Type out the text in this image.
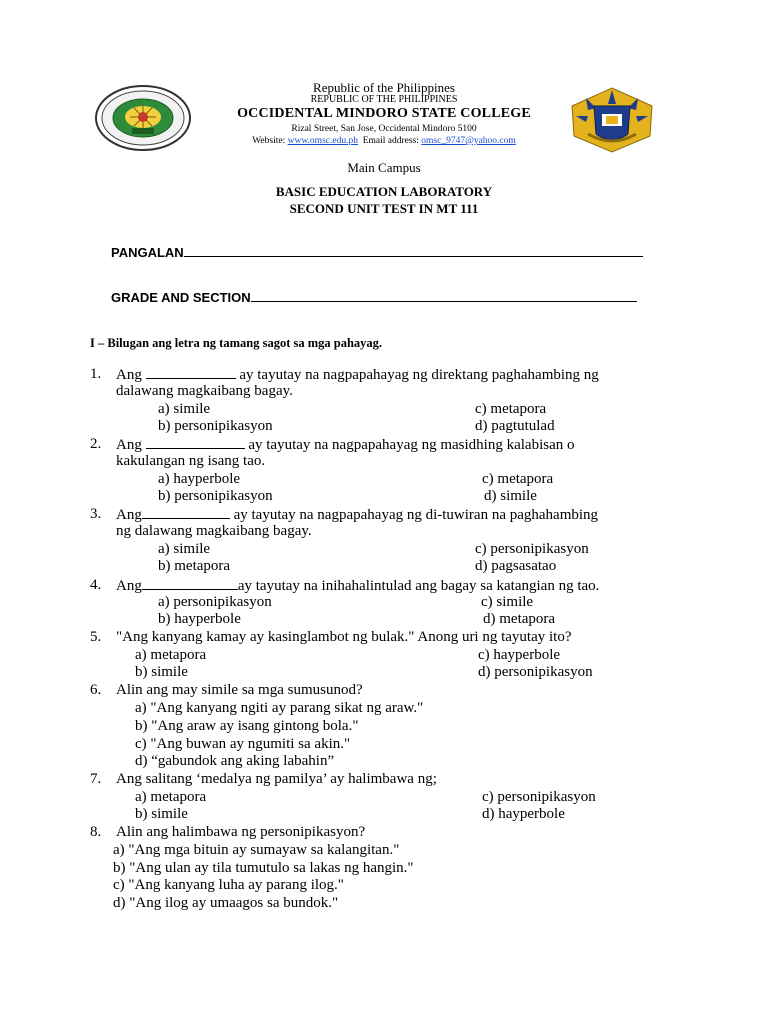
Republic of the Philippines
REPUBLIC OF THE PHILIPPINES
OCCIDENTAL MINDORO STATE COLLEGE
Rizal Street, San Jose, Occidental Mindoro 5100
Website: www.omsc.edu.ph Email address: omsc_9747@yahoo.com
Main Campus
BASIC EDUCATION LABORATORY
SECOND UNIT TEST IN MT 111
PANGALAN
GRADE AND SECTION
I – Bilugan ang letra ng tamang sagot sa mga pahayag.
1. Ang	ay tayutay na nagpapahayag ng direktang paghahambing ng
dalawang magkaibang bagay.
a) simile	c) metapora
b) personipikasyon	d) pagtutulad
2. Ang	ay tayutay na nagpapahayag ng masidhing kalabisan o
kakulangan ng isang tao.
a) hayperbole	c) metapora
b) personipikasyon	d) simile
3. Ang	ay tayutay na nagpapahayag ng di-tuwiran na paghahambing
ng dalawang magkaibang bagay.
a) simile	c) personipikasyon
b) metapora	d) pagsasatao
4. Ang	ay tayutay na inihahalintulad ang bagay sa katangian ng tao.
a) personipikasyon	c) simile
b) hayperbole	d) metapora
5. "Ang kanyang kamay ay kasinglambot ng bulak." Anong uri ng tayutay ito?
a) metapora	c) hayperbole
b) simile	d) personipikasyon
6. Alin ang may simile sa mga sumusunod?
a) "Ang kanyang ngiti ay parang sikat ng araw."
b) "Ang araw ay isang gintong bola."
c) "Ang buwan ay ngumiti sa akin."
d) “gabundok ang aking labahin”
7. Ang salitang ‘medalya ng pamilya’ ay halimbawa ng;
a) metapora	c) personipikasyon
b) simile	d) hayperbole
8. Alin ang halimbawa ng personipikasyon?
a) "Ang mga bituin ay sumayaw sa kalangitan."
b) "Ang ulan ay tila tumutulo sa lakas ng hangin."
c) "Ang kanyang luha ay parang ilog."
d) "Ang ilog ay umaagos sa bundok."
